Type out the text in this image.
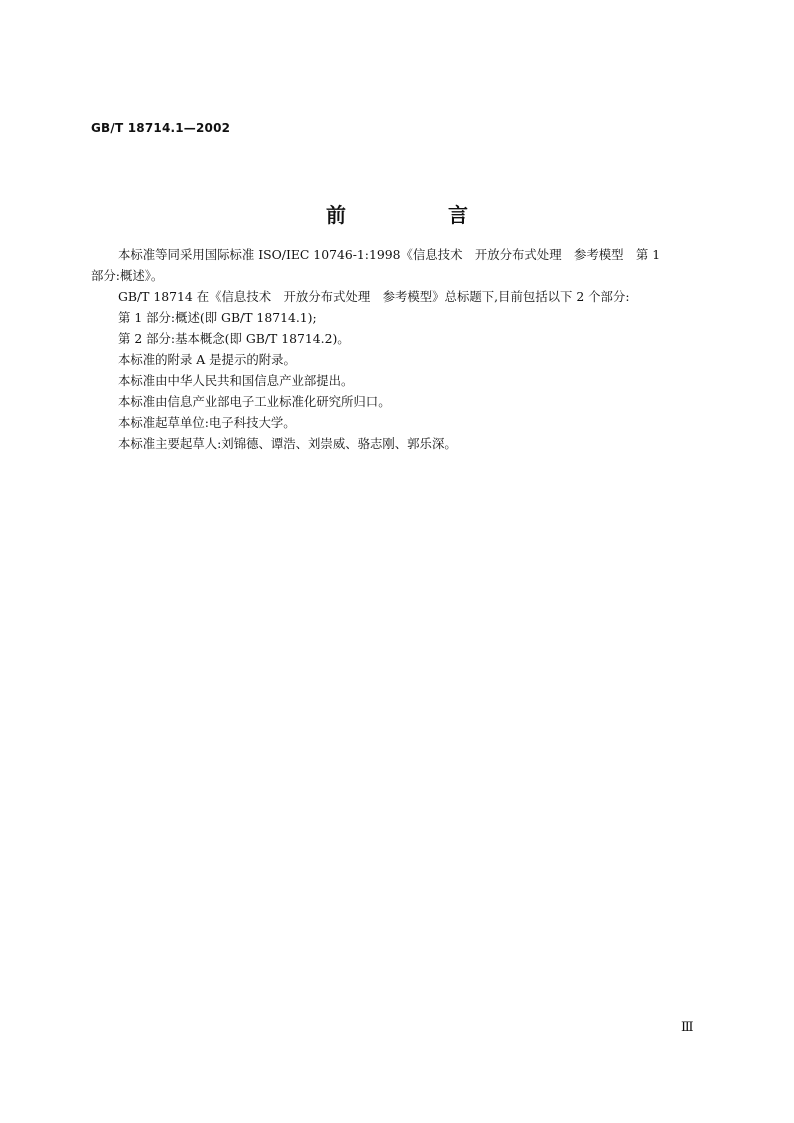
GB/T 18714.1—2002
前　言

本标准等同采用国际标准 ISO/IEC 10746-1:1998《信息技术　开放分布式处理　参考模型　第 1

部分:概述》。

GB/T 18714 在《信息技术　开放分布式处理　参考模型》总标题下,目前包括以下 2 个部分:

第 1 部分:概述(即 GB/T 18714.1);

第 2 部分:基本概念(即 GB/T 18714.2)。

本标准的附录 A 是提示的附录。

本标准由中华人民共和国信息产业部提出。

本标准由信息产业部电子工业标准化研究所归口。

本标准起草单位:电子科技大学。

本标准主要起草人:刘锦德、谭浩、刘崇威、骆志刚、郭乐深。

Ⅲ
